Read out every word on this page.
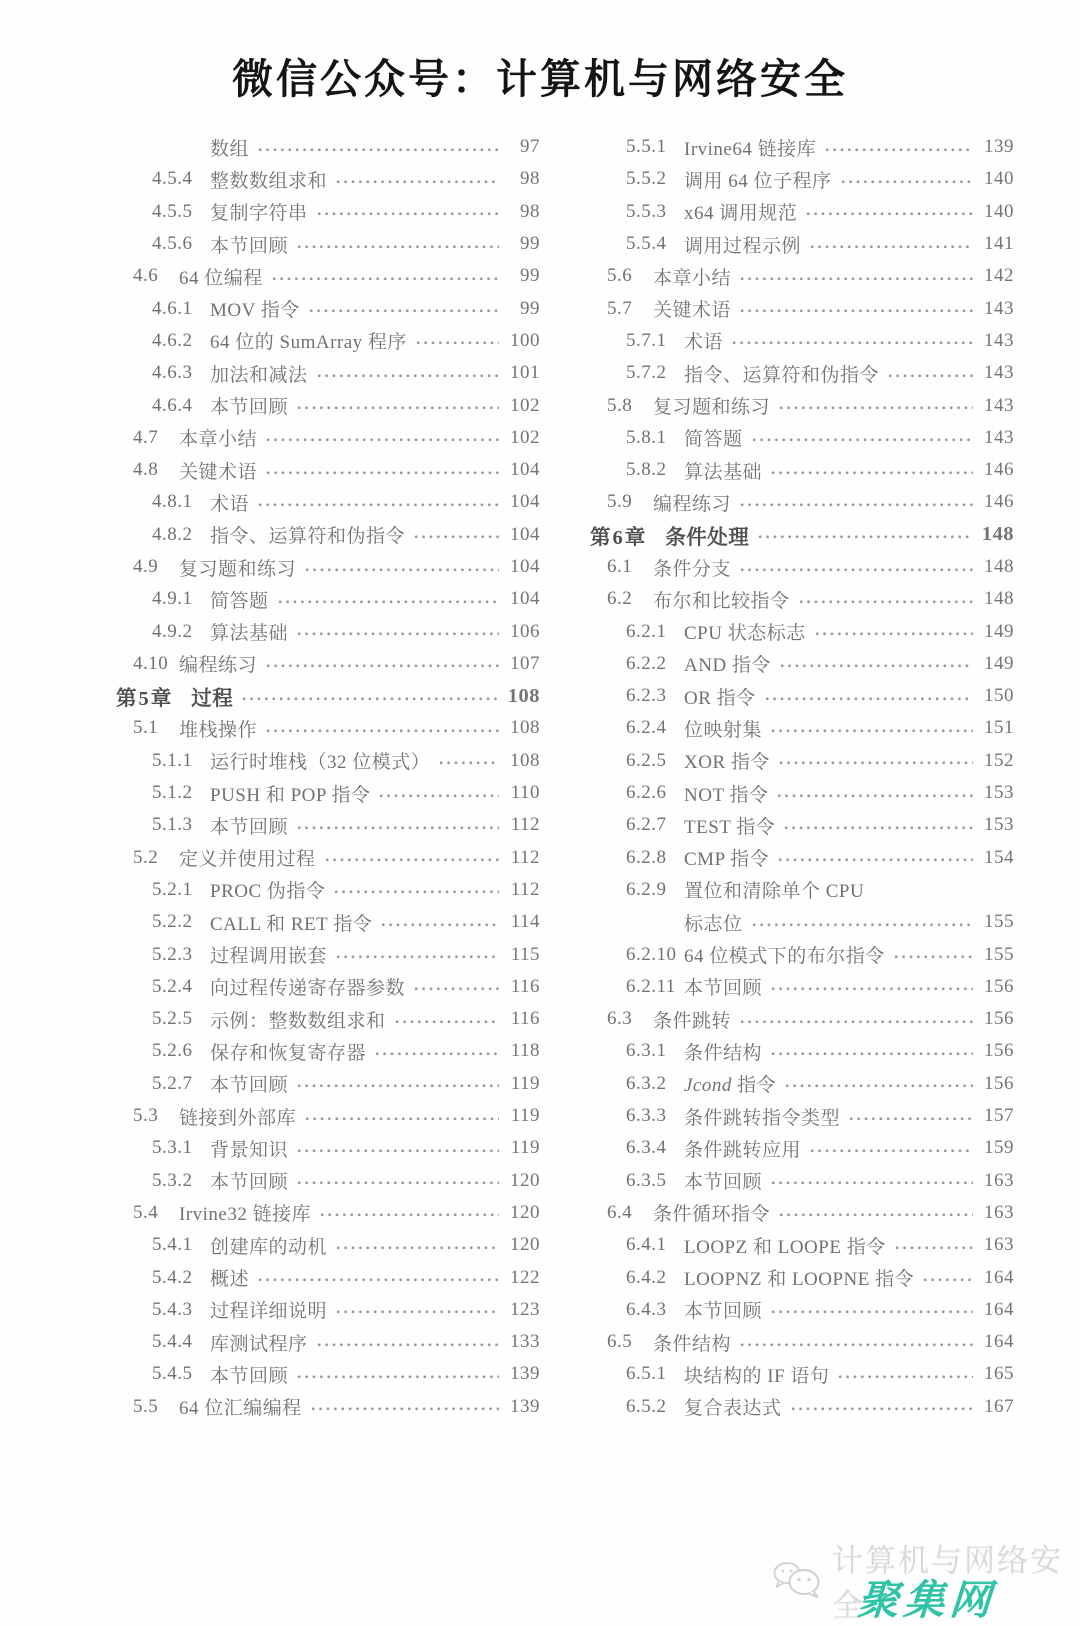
微信公众号：计算机与网络安全
数组	97
4.5.4 整数数组求和	98
4.5.5 复制字符串	98
4.5.6 本节回顾	99
4.6	64 位编程	99
4.6.1 MOV 指令	99
4.6.2 64 位的 SumArray 程序	100
4.6.3 加法和减法	101
4.6.4 本节回顾	102
4.7	本章小结	102
4.8	关键术语	104
4.8.1 术语	104
4.8.2 指令、运算符和伪指令	104
4.9	复习题和练习	104
4.9.1 简答题	104
4.9.2 算法基础	106
4.10 编程练习	107
第5章 过程	108
5.1	堆栈操作	108
5.1.1 运行时堆栈（32 位模式）	108
5.1.2 PUSH 和 POP 指令	110
5.1.3 本节回顾	112
5.2	定义并使用过程	112
5.2.1 PROC 伪指令	112
5.2.2 CALL 和 RET 指令	114
5.2.3 过程调用嵌套	115
5.2.4 向过程传递寄存器参数	116
5.2.5 示例：整数数组求和	116
5.2.6 保存和恢复寄存器	118
5.2.7 本节回顾	119
5.3	链接到外部库	119
5.3.1 背景知识	119
5.3.2 本节回顾	120
5.4	Irvine32 链接库	120
5.4.1 创建库的动机	120
5.4.2 概述	122
5.4.3 过程详细说明	123
5.4.4 库测试程序	133
5.4.5 本节回顾	139
5.5	64 位汇编编程	139
5.5.1 Irvine64 链接库	139
5.5.2 调用 64 位子程序	140
5.5.3 x64 调用规范	140
5.5.4 调用过程示例	141
5.6	本章小结	142
5.7	关键术语	143
5.7.1 术语	143
5.7.2 指令、运算符和伪指令	143
5.8	复习题和练习	143
5.8.1 简答题	143
5.8.2 算法基础	146
5.9	编程练习	146
第6章 条件处理	148
6.1	条件分支	148
6.2	布尔和比较指令	148
6.2.1 CPU 状态标志	149
6.2.2 AND 指令	149
6.2.3 OR 指令	150
6.2.4 位映射集	151
6.2.5 XOR 指令	152
6.2.6 NOT 指令	153
6.2.7 TEST 指令	153
6.2.8 CMP 指令	154
6.2.9 置位和清除单个 CPU
标志位	155
6.2.10 64 位模式下的布尔指令	155
6.2.11 本节回顾	156
6.3	条件跳转	156
6.3.1 条件结构	156
6.3.2 Jcond 指令	156
6.3.3 条件跳转指令类型	157
6.3.4 条件跳转应用	159
6.3.5 本节回顾	163
6.4	条件循环指令	163
6.4.1 LOOPZ 和 LOOPE 指令	163
6.4.2 LOOPNZ 和 LOOPNE 指令	164
6.4.3 本节回顾	164
6.5	条件结构	164
6.5.1 块结构的 IF 语句	165
6.5.2 复合表达式	167
计算机与网络安全
聚集网
